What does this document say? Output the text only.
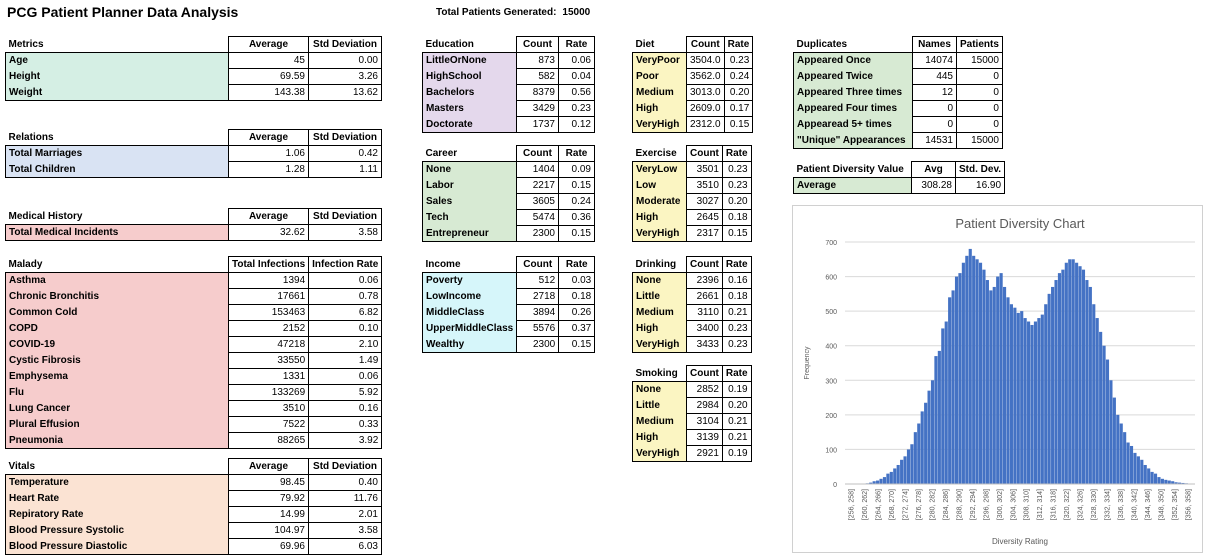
PCG Patient Planner Data Analysis	Total Patients Generated: 15000
Metrics	Average	Std Deviation
Age	45	0.00
Height	69.59	3.26
Weight	143.38	13.62
Relations	Average	Std Deviation
Total Marriages	1.06	0.42
Total Children	1.28	1.11
Medical History	Average	Std Deviation
Total Medical Incidents	32.62	3.58
Malady	Total Infections	Infection Rate
Asthma	1394	0.06
Chronic Bronchitis	17661	0.78
Common Cold	153463	6.82
COPD	2152	0.10
COVID-19	47218	2.10
Cystic Fibrosis	33550	1.49
Emphysema	1331	0.06
Flu	133269	5.92
Lung Cancer	3510	0.16
Plural Effusion	7522	0.33
Pneumonia	88265	3.92
Vitals	Average	Std Deviation
Temperature	98.45	0.40
Heart Rate	79.92	11.76
Repiratory Rate	14.99	2.01
Blood Pressure Systolic	104.97	3.58
Blood Pressure Diastolic	69.96	6.03
Education	Count	Rate
LittleOrNone	873	0.06
HighSchool	582	0.04
Bachelors	8379	0.56
Masters	3429	0.23
Doctorate	1737	0.12
Career	Count	Rate
None	1404	0.09
Labor	2217	0.15
Sales	3605	0.24
Tech	5474	0.36
Entrepreneur	2300	0.15
Income	Count	Rate
Poverty	512	0.03
LowIncome	2718	0.18
MiddleClass	3894	0.26
UpperMiddleClass	5576	0.37
Wealthy	2300	0.15
Diet	Count	Rate
VeryPoor	3504.0	0.23
Poor	3562.0	0.24
Medium	3013.0	0.20
High	2609.0	0.17
VeryHigh	2312.0	0.15
Exercise	Count	Rate
VeryLow	3501	0.23
Low	3510	0.23
Moderate	3027	0.20
High	2645	0.18
VeryHigh	2317	0.15
Drinking	Count	Rate
None	2396	0.16
Little	2661	0.18
Medium	3110	0.21
High	3400	0.23
VeryHigh	3433	0.23
Smoking	Count	Rate
None	2852	0.19
Little	2984	0.20
Medium	3104	0.21
High	3139	0.21
VeryHigh	2921	0.19
Duplicates	Names	Patients
Appeared Once	14074	15000
Appeared Twice	445	0
Appeared Three times	12	0
Appeared Four times	0	0
Appearead 5+ times	0	0
"Unique" Appearances	14531	15000
Patient Diversity Value	Avg	Std. Dev.
Average	308.28	16.90
Patient Diversity Chart
0
100
200
300
400
500
600
700
[256, 258] [260, 262] [264, 266] [268, 270] [272, 274] [276, 278] [280, 282] [284, 286] [288, 290] [292, 294] [296, 298] [300, 302] [304, 306] [308, 310] [312, 314] [316, 318] [320, 322] [324, 326] [328, 330] [332, 334] [336, 338] [340, 342] [344, 346] [348, 350] [352, 354] [356, 358]
Frequency
Diversity Rating
